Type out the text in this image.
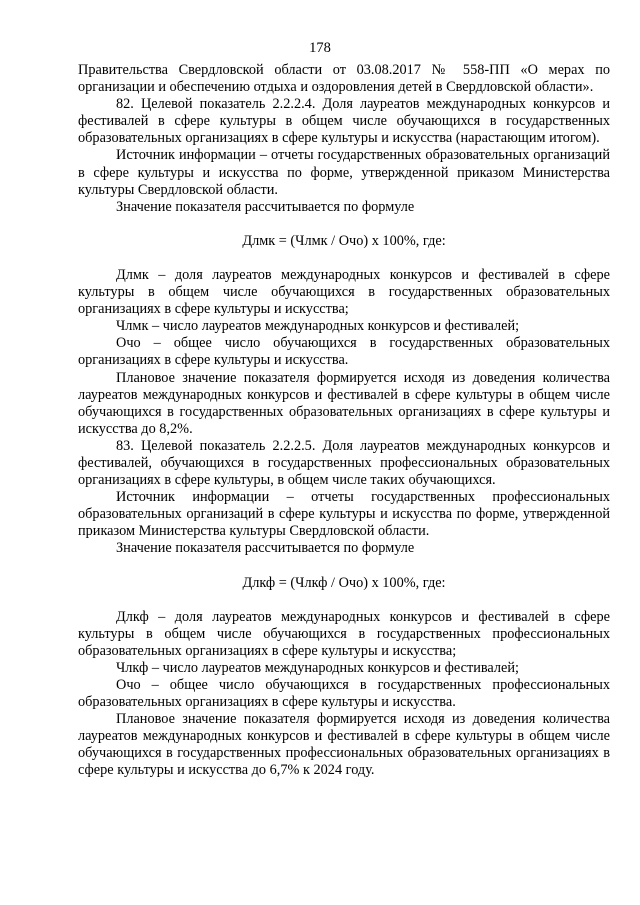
178

Правительства Свердловской области от 03.08.2017 № 558-ПП «О мерах по организации и обеспечению отдыха и оздоровления детей в Свердловской области».

82. Целевой показатель 2.2.2.4. Доля лауреатов международных конкурсов и фестивалей в сфере культуры в общем числе обучающихся в государственных образовательных организациях в сфере культуры и искусства (нарастающим итогом).

Источник информации – отчеты государственных образовательных организаций в сфере культуры и искусства по форме, утвержденной приказом Министерства культуры Свердловской области.

Значение показателя рассчитывается по формуле

Длмк = (Члмк / Очо) х 100%, где:

Длмк – доля лауреатов международных конкурсов и фестивалей в сфере культуры в общем числе обучающихся в государственных образовательных организациях в сфере культуры и искусства;

Члмк – число лауреатов международных конкурсов и фестивалей;

Очо – общее число обучающихся в государственных образовательных организациях в сфере культуры и искусства.

Плановое значение показателя формируется исходя из доведения количества лауреатов международных конкурсов и фестивалей в сфере культуры в общем числе обучающихся в государственных образовательных организациях в сфере культуры и искусства до 8,2%.

83. Целевой показатель 2.2.2.5. Доля лауреатов международных конкурсов и фестивалей, обучающихся в государственных профессиональных образовательных организациях в сфере культуры, в общем числе таких обучающихся.

Источник информации – отчеты государственных профессиональных образовательных организаций в сфере культуры и искусства по форме, утвержденной приказом Министерства культуры Свердловской области.

Значение показателя рассчитывается по формуле

Длкф = (Члкф / Очо) х 100%, где:

Длкф – доля лауреатов международных конкурсов и фестивалей в сфере культуры в общем числе обучающихся в государственных профессиональных образовательных организациях в сфере культуры и искусства;

Члкф – число лауреатов международных конкурсов и фестивалей;

Очо – общее число обучающихся в государственных профессиональных образовательных организациях в сфере культуры и искусства.

Плановое значение показателя формируется исходя из доведения количества лауреатов международных конкурсов и фестивалей в сфере культуры в общем числе обучающихся в государственных профессиональных образовательных организациях в сфере культуры и искусства до 6,7% к 2024 году.
